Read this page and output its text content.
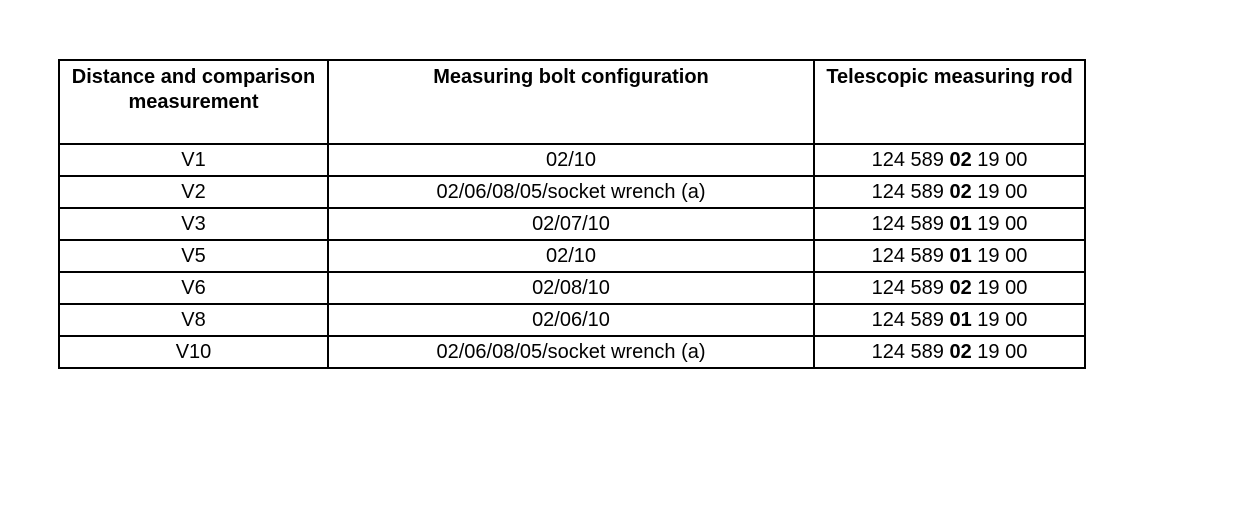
Distance and comparison measurement	Measuring bolt configuration	Telescopic measuring rod
V1	02/10	124 589 02 19 00
V2	02/06/08/05/socket wrench (a)	124 589 02 19 00
V3	02/07/10	124 589 01 19 00
V5	02/10	124 589 01 19 00
V6	02/08/10	124 589 02 19 00
V8	02/06/10	124 589 01 19 00
V10	02/06/08/05/socket wrench (a)	124 589 02 19 00
